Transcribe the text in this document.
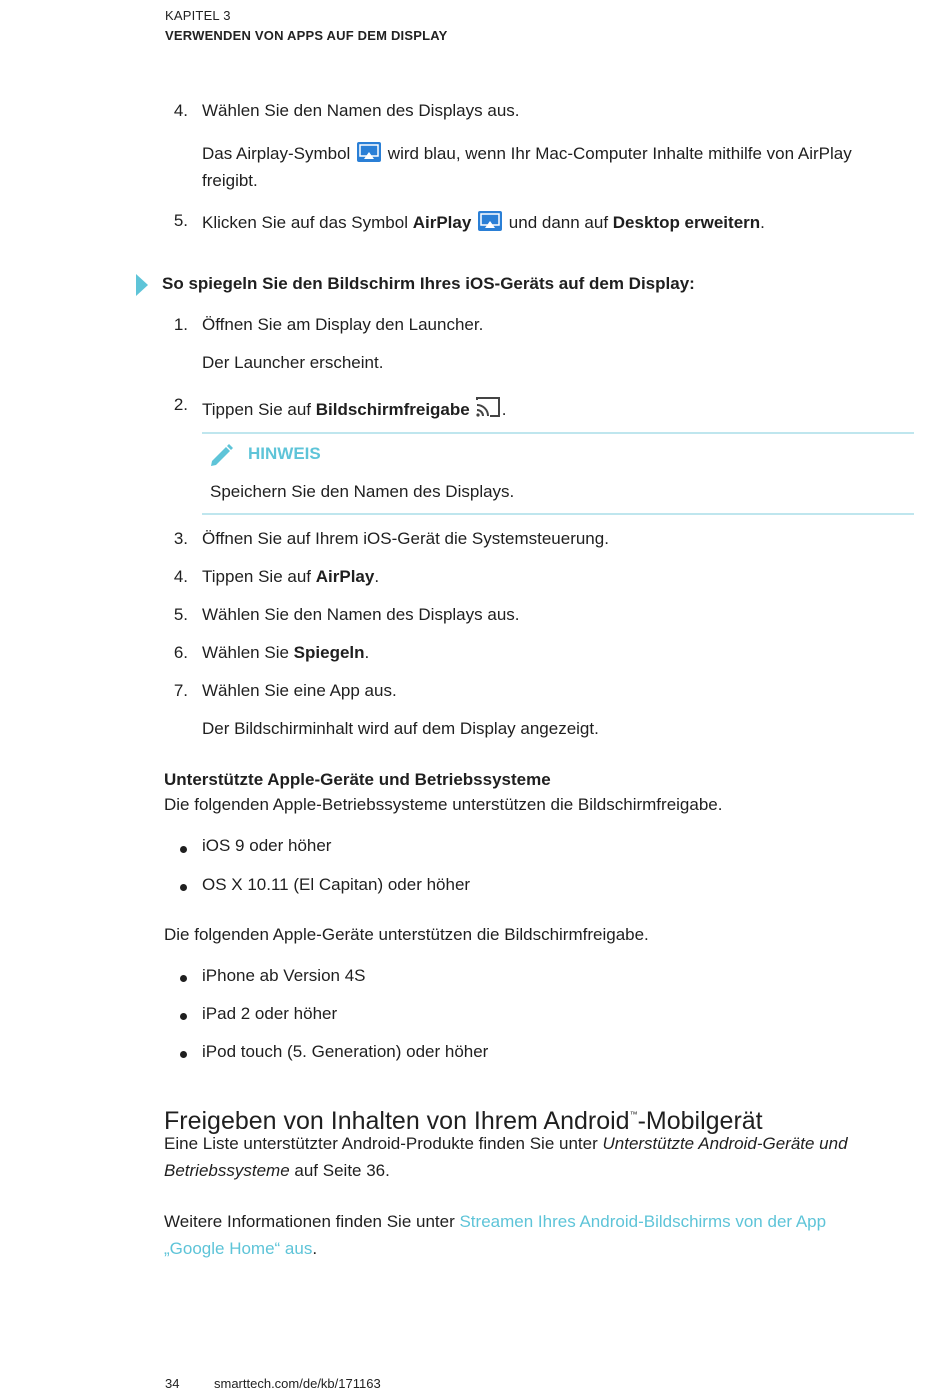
KAPITEL 3
VERWENDEN VON APPS AUF DEM DISPLAY
4. Wählen Sie den Namen des Displays aus.
Das Airplay-Symbol wird blau, wenn Ihr Mac-Computer Inhalte mithilfe von AirPlay
freigibt.
5. Klicken Sie auf das Symbol AirPlay und dann auf Desktop erweitern.
So spiegeln Sie den Bildschirm Ihres iOS-Geräts auf dem Display:
1. Öffnen Sie am Display den Launcher.
Der Launcher erscheint.
2. Tippen Sie auf Bildschirmfreigabe .
HINWEIS
Speichern Sie den Namen des Displays.
3. Öffnen Sie auf Ihrem iOS-Gerät die Systemsteuerung.
4. Tippen Sie auf AirPlay.
5. Wählen Sie den Namen des Displays aus.
6. Wählen Sie Spiegeln.
7. Wählen Sie eine App aus.
Der Bildschirminhalt wird auf dem Display angezeigt.
Unterstützte Apple-Geräte und Betriebssysteme
Die folgenden Apple-Betriebssysteme unterstützen die Bildschirmfreigabe.
iOS 9 oder höher
OS X 10.11 (El Capitan) oder höher
Die folgenden Apple-Geräte unterstützen die Bildschirmfreigabe.
iPhone ab Version 4S
iPad 2 oder höher
iPod touch (5. Generation) oder höher
Freigeben von Inhalten von Ihrem Android™-Mobilgerät
Eine Liste unterstützter Android-Produkte finden Sie unter Unterstützte Android-Geräte und
Betriebssysteme auf Seite 36.
Weitere Informationen finden Sie unter Streamen Ihres Android-Bildschirms von der App
„Google Home“ aus.
34	smarttech.com/de/kb/171163
